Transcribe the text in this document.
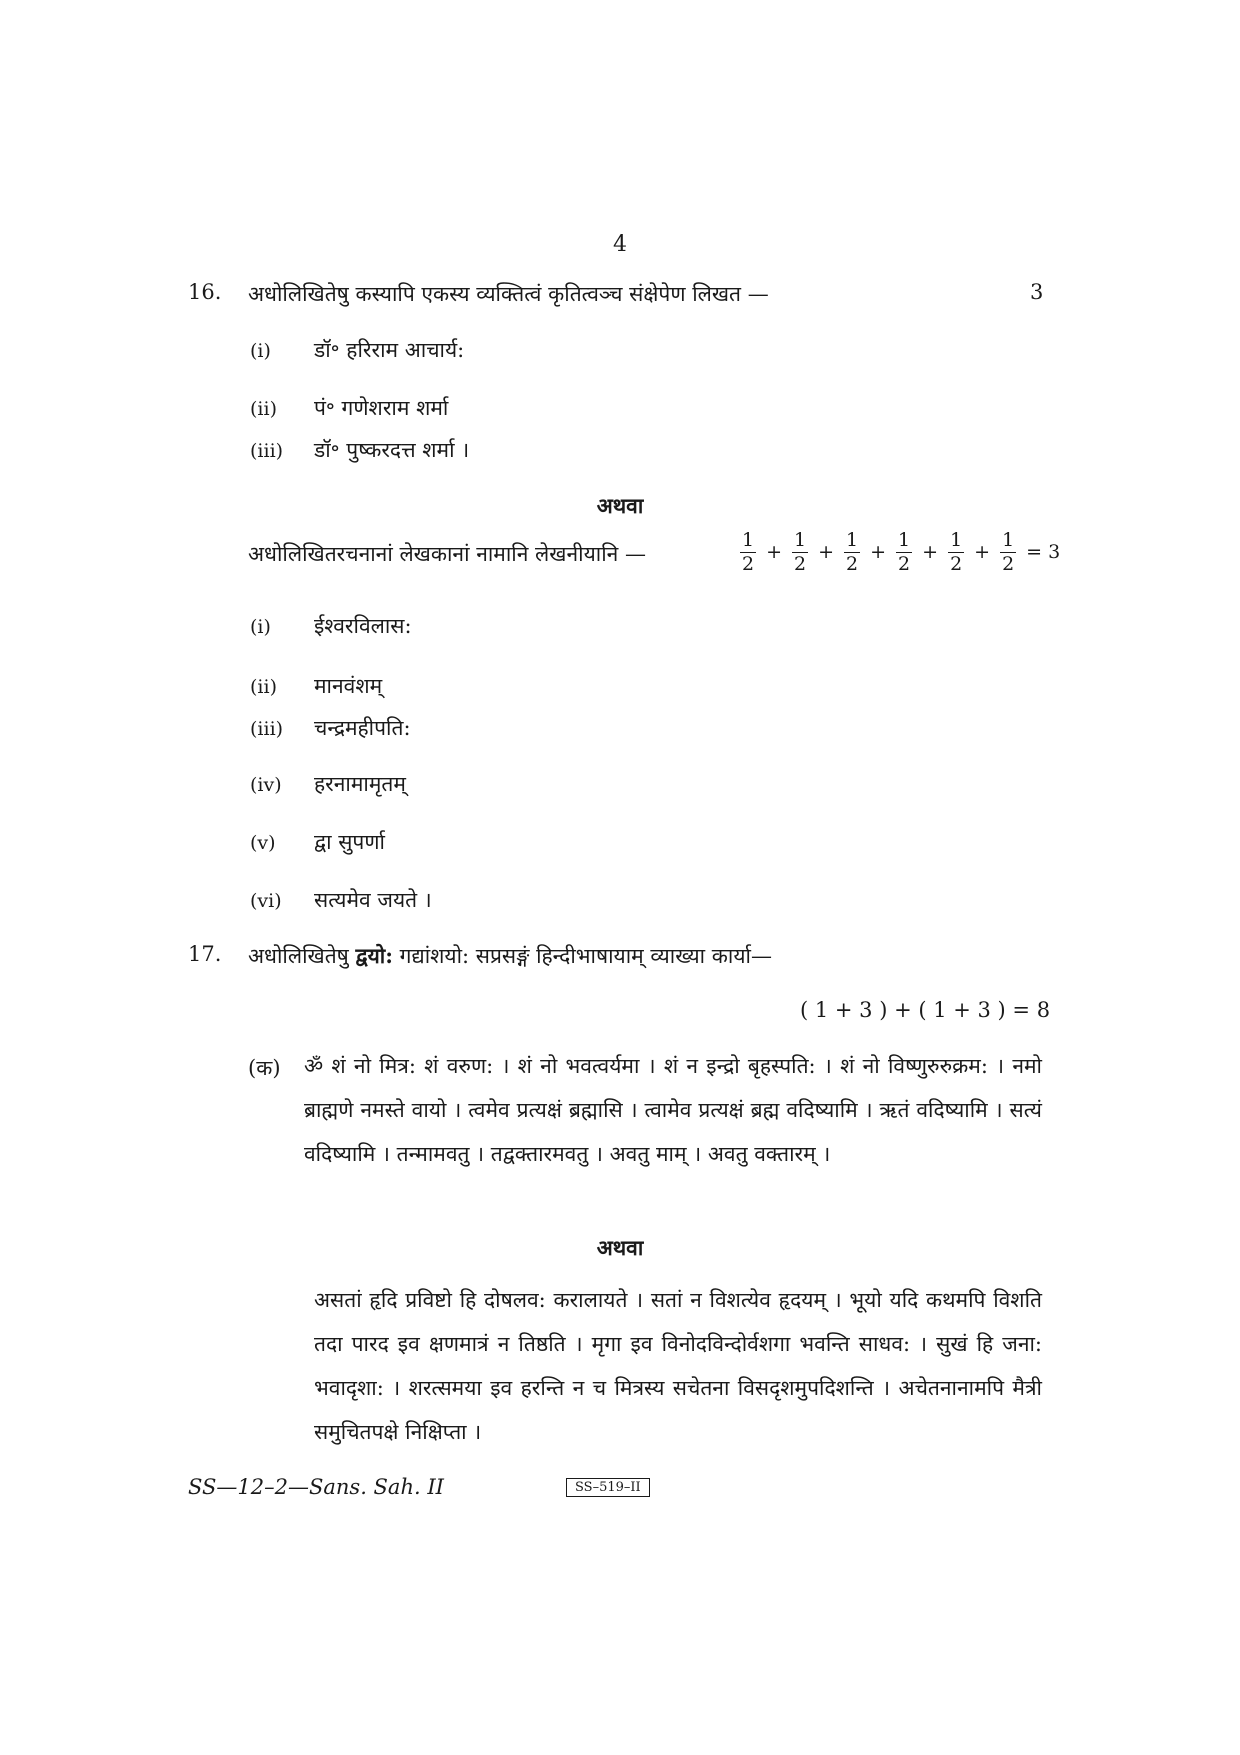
4
16. अधोलिखितेषु कस्यापि एकस्य व्यक्तित्वं कृतित्वञ्च संक्षेपेण लिखत —	3
(i) डॉ॰ हरिराम आचार्य:
(ii) पं॰ गणेशराम शर्मा
(iii) डॉ॰ पुष्करदत्त शर्मा ।
अथवा
अधोलिखितरचनानां लेखकानां नामानि लेखनीयानि —	$\frac{1}{2} + \frac{1}{2} + \frac{1}{2} + \frac{1}{2} + \frac{1}{2} + \frac{1}{2} = 3$
(i) ईश्वरविलास:
(ii) मानवंशम्
(iii) चन्द्रमहीपति:
(iv) हरनामामृतम्
(v) द्वा सुपर्णा
(vi) सत्यमेव जयते ।
17. अधोलिखितेषु द्वयो: गद्यांशयो: सप्रसङ्गं हिन्दीभाषायाम् व्याख्या कार्या—
( 1 + 3 ) + ( 1 + 3 ) = 8
(क) ॐ शं नो मित्र: शं वरुण: । शं नो भवत्वर्यमा । शं न इन्द्रो बृहस्पति: । शं नो विष्णुरुरुक्रम: । नमो ब्राह्मणे नमस्ते वायो । त्वमेव प्रत्यक्षं ब्रह्मासि । त्वामेव प्रत्यक्षं ब्रह्म वदिष्यामि । ऋतं वदिष्यामि । सत्यं वदिष्यामि । तन्मामवतु । तद्वक्तारमवतु । अवतु माम् । अवतु वक्तारम् ।
अथवा
असतां हृदि प्रविष्टो हि दोषलव: करालायते । सतां न विशत्येव हृदयम् । भूयो यदि कथमपि विशति तदा पारद इव क्षणमात्रं न तिष्ठति । मृगा इव विनोदविन्दोर्वशगा भवन्ति साधव: । सुखं हि जना: भवादृशा: । शरत्समया इव हरन्ति न च मित्रस्य सचेतना विसदृशमुपदिशन्ति । अचेतनानामपि मैत्री समुचितपक्षे निक्षिप्ता ।
SS—12–2—Sans. Sah. II	SS–519–II
